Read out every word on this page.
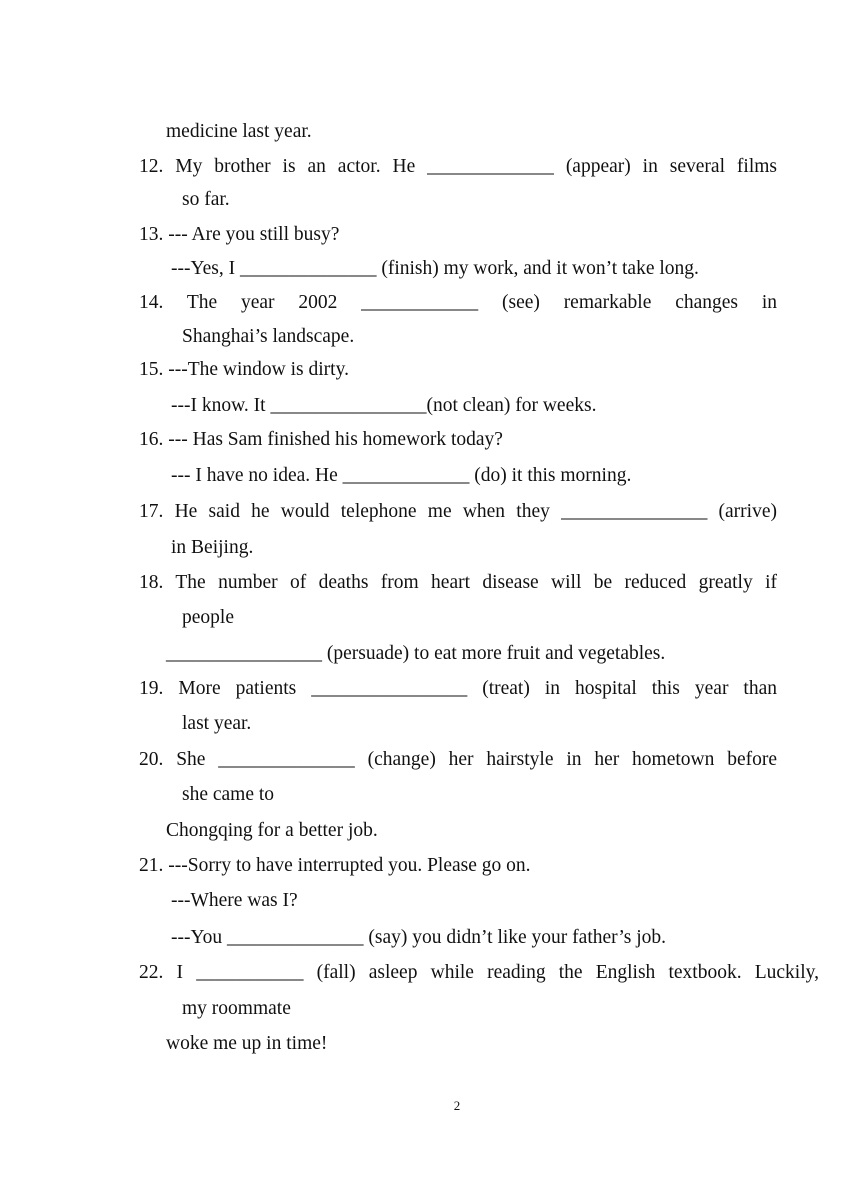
medicine last year.
12. My brother is an actor. He _____________ (appear) in several films
so far.
13. --- Are you still busy?
---Yes, I ______________ (finish) my work, and it won’t take long.
14. The year 2002 ____________ (see) remarkable changes in
Shanghai’s landscape.
15. ---The window is dirty.
---I know. It ________________(not clean) for weeks.
16. --- Has Sam finished his homework today?
--- I have no idea. He _____________ (do) it this morning.
17. He said he would telephone me when they _______________ (arrive)
in Beijing.
18. The number of deaths from heart disease will be reduced greatly if
people
________________ (persuade) to eat more fruit and vegetables.
19. More patients ________________ (treat) in hospital this year than
last year.
20. She ______________ (change) her hairstyle in her hometown before
she came to
Chongqing for a better job.
21. ---Sorry to have interrupted you. Please go on.
---Where was I?
---You ______________ (say) you didn’t like your father’s job.
22. I ___________ (fall) asleep while reading the English textbook. Luckily,
my roommate
woke me up in time!
2
